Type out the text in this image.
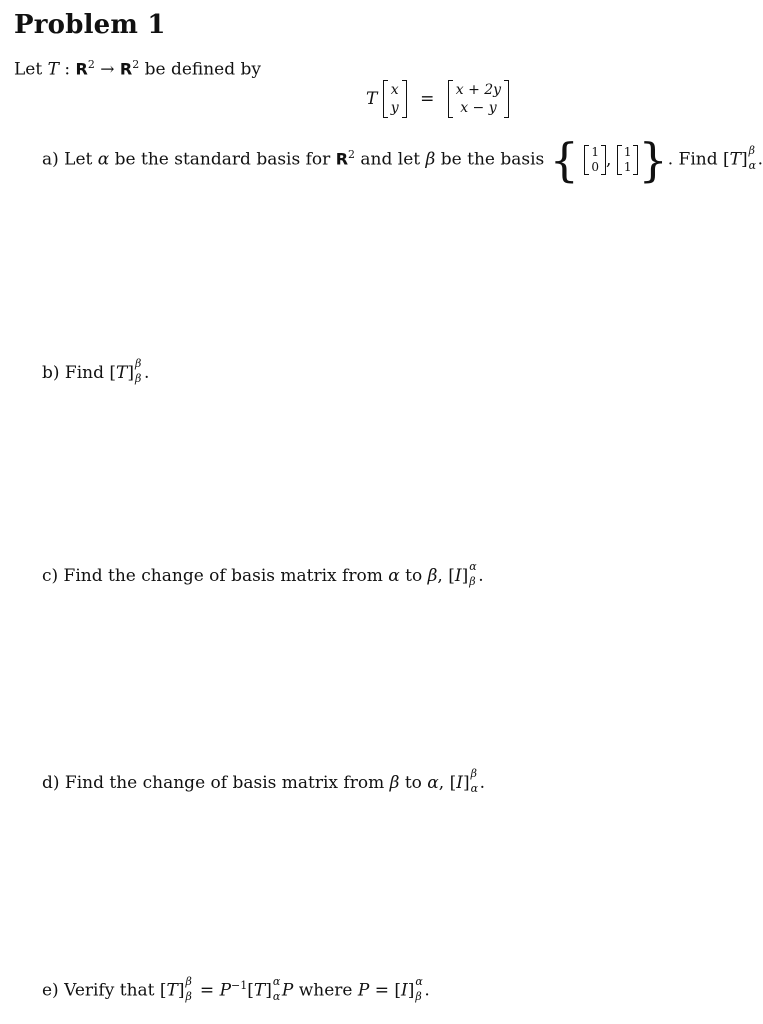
Problem 1
Let T : $R^2 \to R^2$ be defined by
T x
y = x + 2y
x − y
a) Let α be the standard basis for $R^2$ and let β be the basis { 1
0 , 1
1 }. Find [T] β
α .
b) Find [T] β
β .
c) Find the change of basis matrix from α to β, [I] α
β .
d) Find the change of basis matrix from β to α, [I] β
α .
e) Verify that [T] β
$\beta = P^{-1}[T]$ α
α P where P = [I] α
β .
